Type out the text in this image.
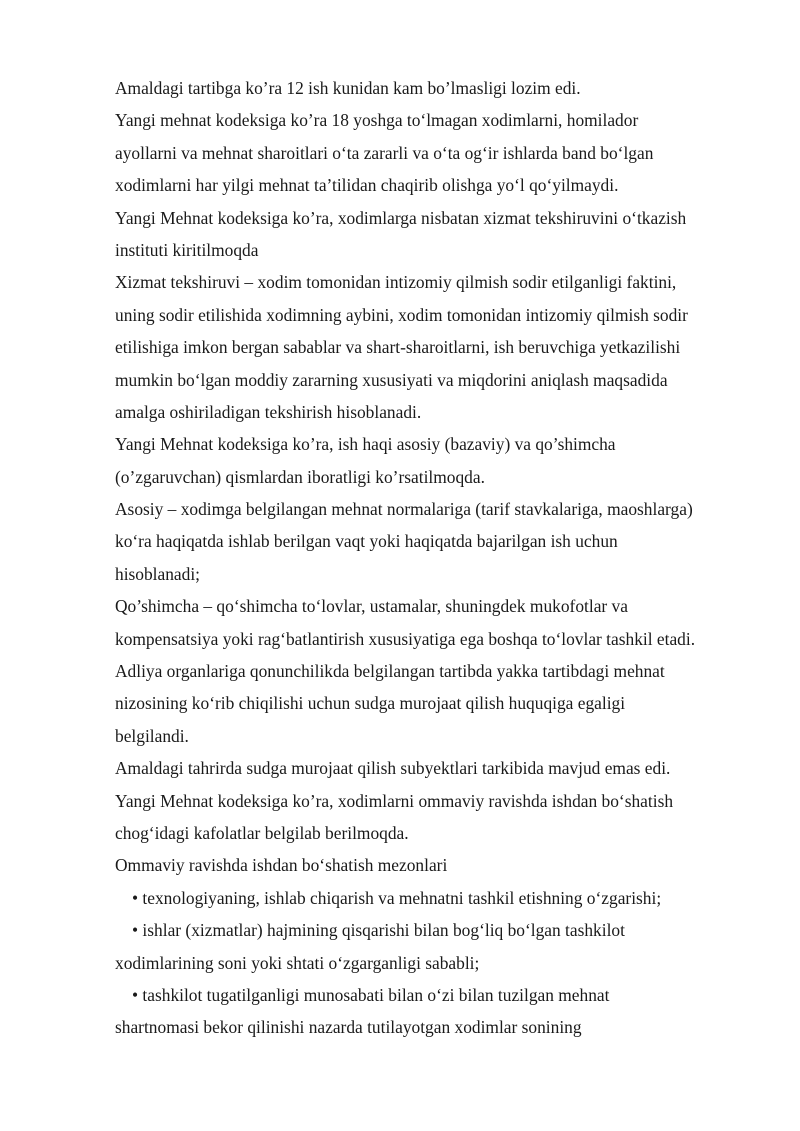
Amaldagi tartibga ko’ra 12 ish kunidan kam bo’lmasligi lozim edi.
Yangi mehnat kodeksiga ko’ra 18 yoshga to‘lmagan xodimlarni, homilador
ayollarni va mehnat sharoitlari o‘ta zararli va o‘ta og‘ir ishlarda band bo‘lgan
xodimlarni har yilgi mehnat ta’tilidan chaqirib olishga yo‘l qo‘yilmaydi.
Yangi Mehnat kodeksiga ko’ra, xodimlarga nisbatan xizmat tekshiruvini o‘tkazish
instituti kiritilmoqda
Xizmat tekshiruvi – xodim tomonidan intizomiy qilmish sodir etilganligi faktini,
uning sodir etilishida xodimning aybini, xodim tomonidan intizomiy qilmish sodir
etilishiga imkon bergan sabablar va shart-sharoitlarni, ish beruvchiga yetkazilishi
mumkin bo‘lgan moddiy zararning xususiyati va miqdorini aniqlash maqsadida
amalga oshiriladigan tekshirish hisoblanadi.
Yangi Mehnat kodeksiga ko’ra, ish haqi asosiy (bazaviy) va qo’shimcha
(o’zgaruvchan) qismlardan iboratligi ko’rsatilmoqda.
Asosiy – xodimga belgilangan mehnat normalariga (tarif stavkalariga, maoshlarga)
ko‘ra haqiqatda ishlab berilgan vaqt yoki haqiqatda bajarilgan ish uchun
hisoblanadi;
Qo’shimcha – qo‘shimcha to‘lovlar, ustamalar, shuningdek mukofotlar va
kompensatsiya yoki rag‘batlantirish xususiyatiga ega boshqa to‘lovlar tashkil etadi.
Adliya organlariga qonunchilikda belgilangan tartibda yakka tartibdagi mehnat
nizosining ko‘rib chiqilishi uchun sudga murojaat qilish huquqiga egaligi
belgilandi.
Amaldagi tahrirda sudga murojaat qilish subyektlari tarkibida mavjud emas edi.
Yangi Mehnat kodeksiga ko’ra, xodimlarni ommaviy ravishda ishdan bo‘shatish
chog‘idagi kafolatlar belgilab berilmoqda.
Ommaviy ravishda ishdan bo‘shatish mezonlari
• texnologiyaning, ishlab chiqarish va mehnatni tashkil etishning o‘zgarishi;
• ishlar (xizmatlar) hajmining qisqarishi bilan bog‘liq bo‘lgan tashkilot
xodimlarining soni yoki shtati o‘zgarganligi sababli;
• tashkilot tugatilganligi munosabati bilan o‘zi bilan tuzilgan mehnat
shartnomasi bekor qilinishi nazarda tutilayotgan xodimlar sonining
